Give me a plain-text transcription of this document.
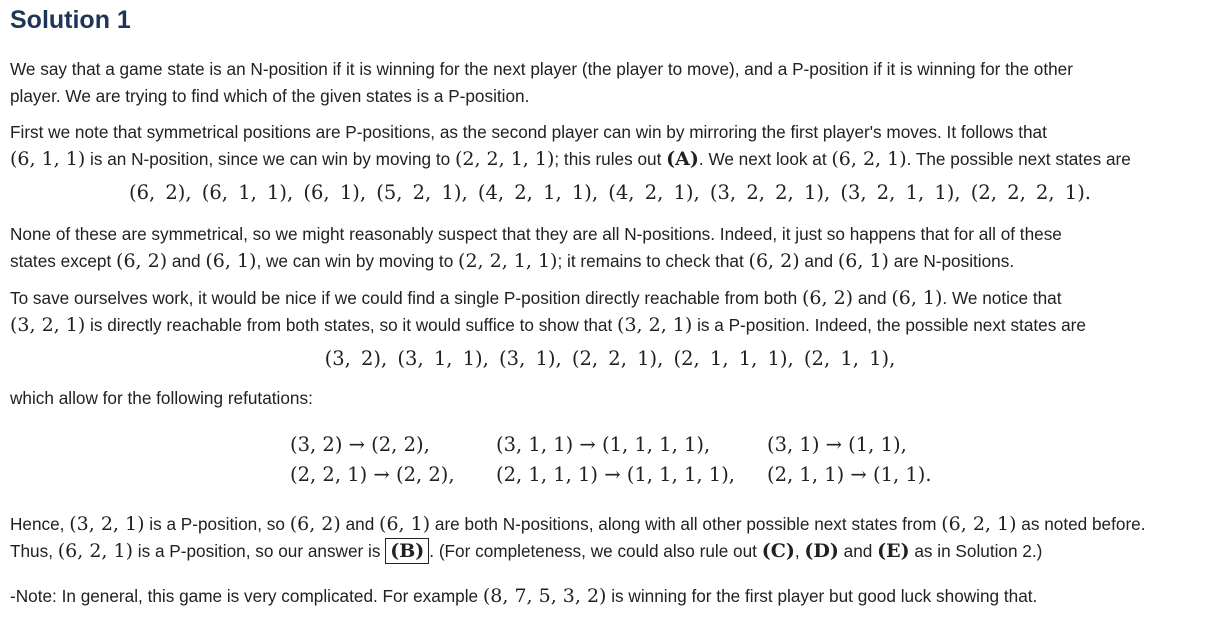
Solution 1

We say that a game state is an N-position if it is winning for the next player (the player to move), and a P-position if it is winning for the other
player. We are trying to find which of the given states is a P-position.

First we note that symmetrical positions are P-positions, as the second player can win by mirroring the first player's moves. It follows that
(6, 1, 1) is an N-position, since we can win by moving to (2, 2, 1, 1); this rules out (A). We next look at (6, 2, 1). The possible next states are

(6, 2), (6, 1, 1), (6, 1), (5, 2, 1), (4, 2, 1, 1), (4, 2, 1), (3, 2, 2, 1), (3, 2, 1, 1), (2, 2, 2, 1).

None of these are symmetrical, so we might reasonably suspect that they are all N-positions. Indeed, it just so happens that for all of these
states except (6, 2) and (6, 1), we can win by moving to (2, 2, 1, 1); it remains to check that (6, 2) and (6, 1) are N-positions.

To save ourselves work, it would be nice if we could find a single P-position directly reachable from both (6, 2) and (6, 1). We notice that
(3, 2, 1) is directly reachable from both states, so it would suffice to show that (3, 2, 1) is a P-position. Indeed, the possible next states are

(3, 2), (3, 1, 1), (3, 1), (2, 2, 1), (2, 1, 1, 1), (2, 1, 1),

which allow for the following refutations:

(3, 2) → (2, 2),	(3, 1, 1) → (1, 1, 1, 1),	(3, 1) → (1, 1),
(2, 2, 1) → (2, 2), (2, 1, 1, 1) → (1, 1, 1, 1), (2, 1, 1) → (1, 1).

Hence, (3, 2, 1) is a P-position, so (6, 2) and (6, 1) are both N-positions, along with all other possible next states from (6, 2, 1) as noted before.
Thus, (6, 2, 1) is a P-position, so our answer is (B) . (For completeness, we could also rule out (C), (D) and (E) as in Solution 2.)

-Note: In general, this game is very complicated. For example (8, 7, 5, 3, 2) is winning for the first player but good luck showing that.
